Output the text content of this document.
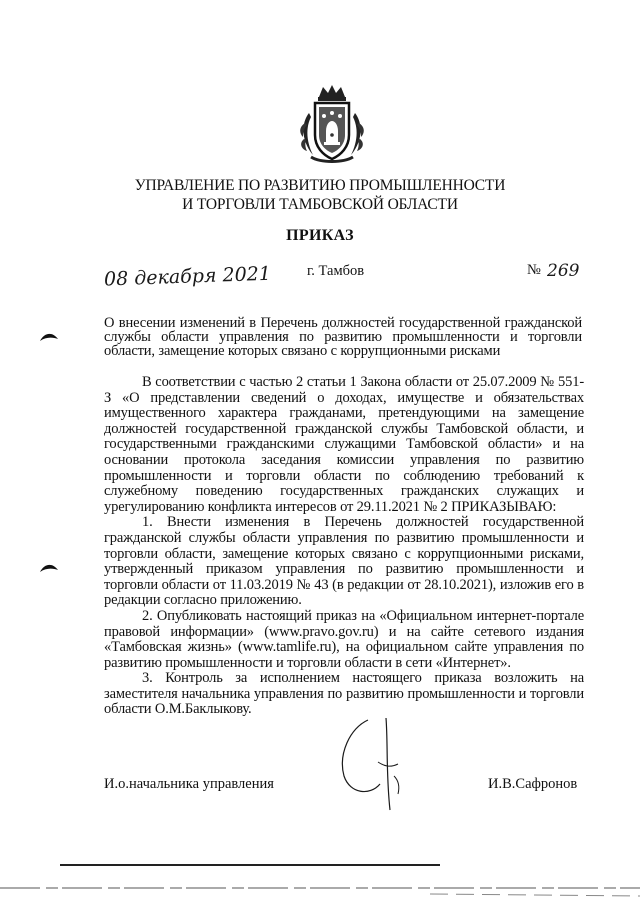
УПРАВЛЕНИЕ ПО РАЗВИТИЮ ПРОМЫШЛЕННОСТИ
И ТОРГОВЛИ ТАМБОВСКОЙ ОБЛАСТИ
ПРИКАЗ
08 декабря 2021 г. Тамбов	№ 269
О внесении изменений в Перечень должностей государственной гражданской службы области управления по развитию промышленности и торговли области, замещение которых связано с коррупционными рисками

В соответствии с частью 2 статьи 1 Закона области от 25.07.2009 № 551-З «О представлении сведений о доходах, имуществе и обязательствах имущественного характера гражданами, претендующими на замещение должностей государственной гражданской службы Тамбовской области, и государственными гражданскими служащими Тамбовской области» и на основании протокола заседания комиссии управления по развитию промышленности и торговли области по соблюдению требований к служебному поведению государственных гражданских служащих и урегулированию конфликта интересов от 29.11.2021 № 2 ПРИКАЗЫВАЮ:

1. Внести изменения в Перечень должностей государственной гражданской службы области управления по развитию промышленности и торговли области, замещение которых связано с коррупционными рисками, утвержденный приказом управления по развитию промышленности и торговли области от 11.03.2019 № 43 (в редакции от 28.10.2021), изложив его в редакции согласно приложению.

2. Опубликовать настоящий приказ на «Официальном интернет-портале правовой информации» (www.pravo.gov.ru) и на сайте сетевого издания «Тамбовская жизнь» (www.tamlife.ru), на официальном сайте управления по развитию промышленности и торговли области в сети «Интернет».

3. Контроль за исполнением настоящего приказа возложить на заместителя начальника управления по развитию промышленности и торговли области О.М.Баклыкову.

И.о.начальника управления	И.В.Сафронов
